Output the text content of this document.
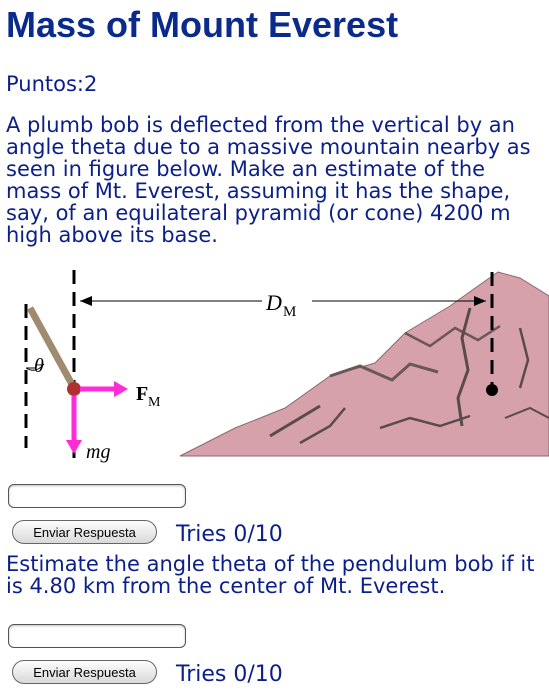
Mass of Mount Everest
Puntos:2
A plumb bob is deflected from the vertical by an angle theta due to a massive mountain nearby as seen in figure below. Make an estimate of the mass of Mt. Everest, assuming it has the shape, say, of an equilateral pyramid (or cone) 4200 m high above its base.
D M
θ
F M
mg
Enviar Respuesta	Tries 0/10
Estimate the angle theta of the pendulum bob if it is 4.80 km from the center of Mt. Everest.
Enviar Respuesta	Tries 0/10
